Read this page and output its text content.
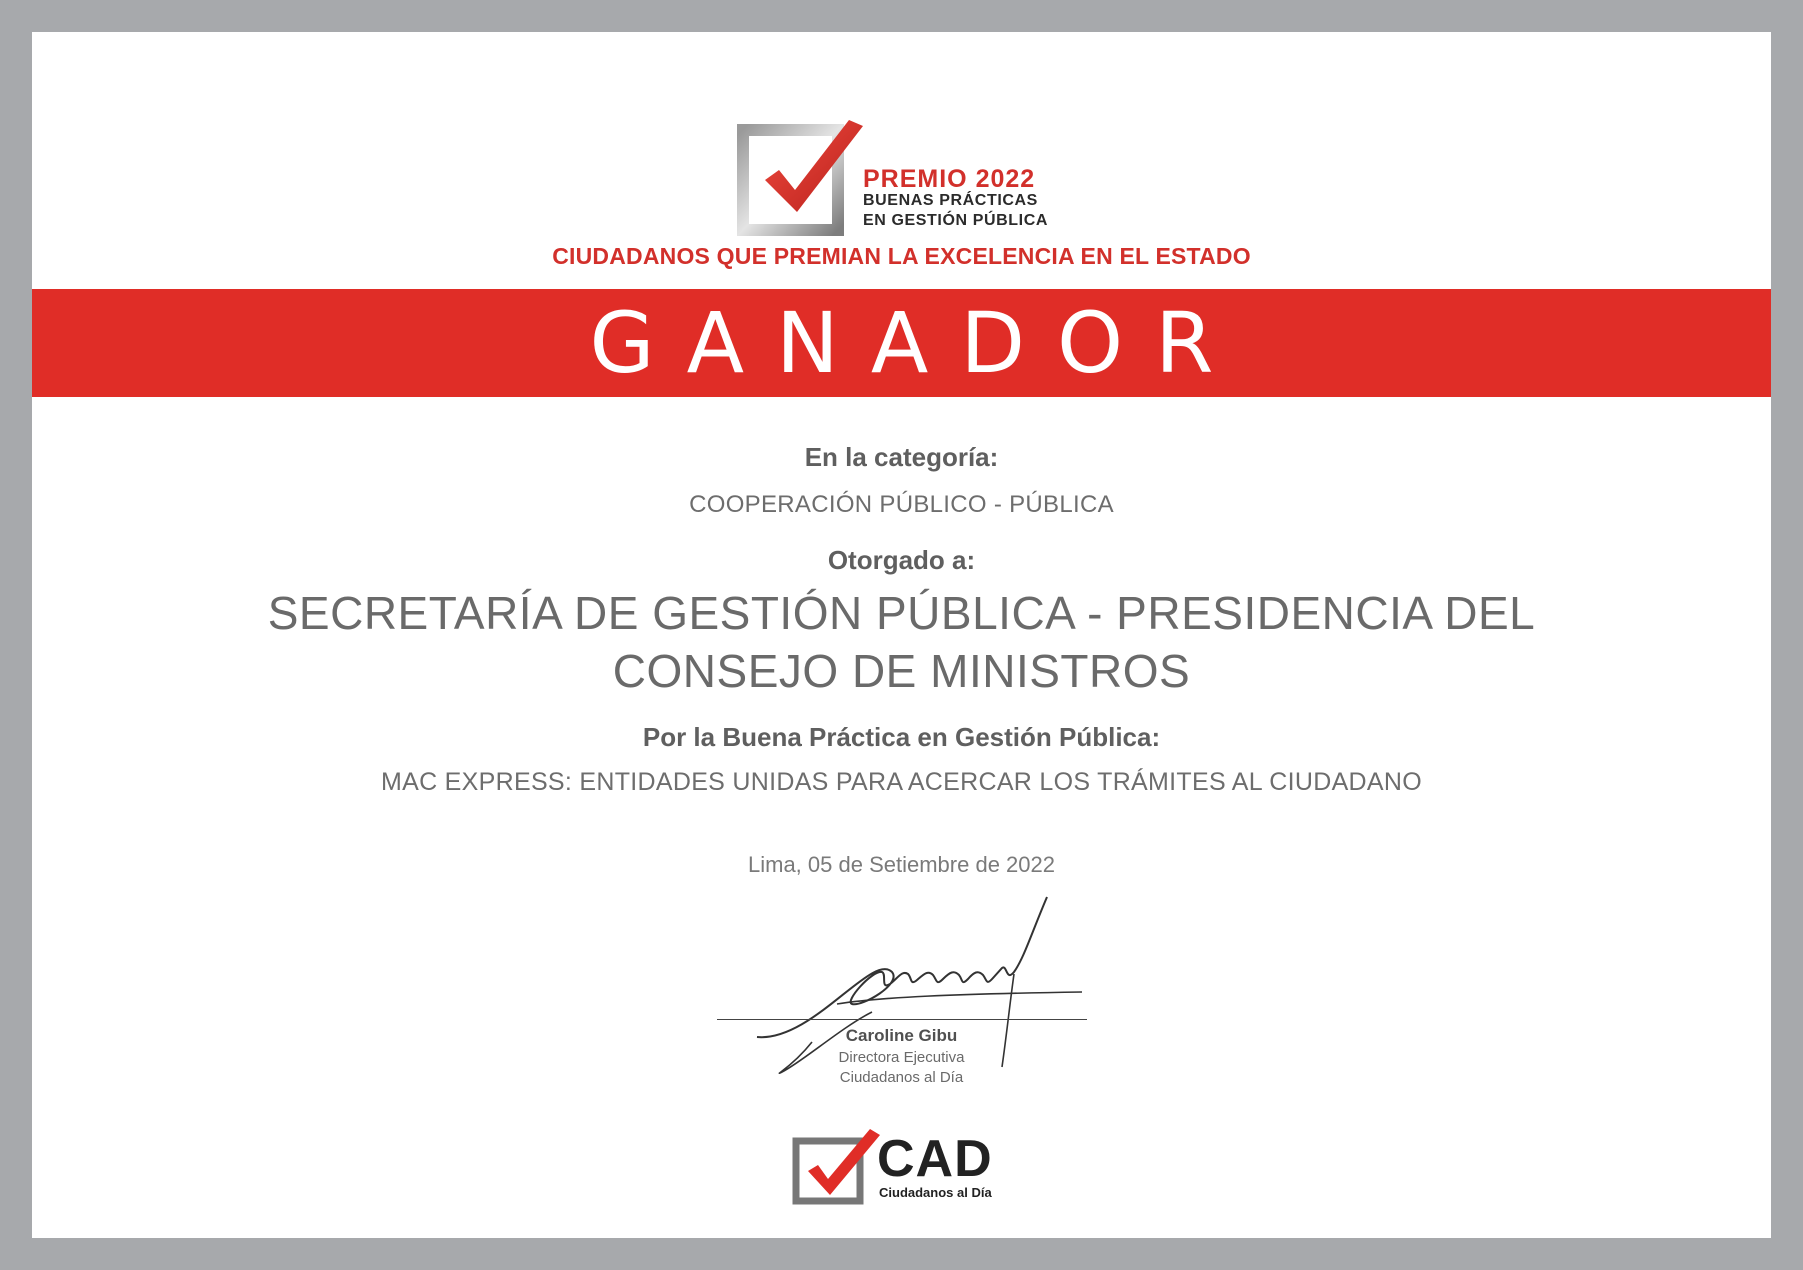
PREMIO 2022
BUENAS PRÁCTICAS
EN GESTIÓN PÚBLICA
CIUDADANOS QUE PREMIAN LA EXCELENCIA EN EL ESTADO
GANADOR
En la categoría:
COOPERACIÓN PÚBLICO - PÚBLICA
Otorgado a:
SECRETARÍA DE GESTIÓN PÚBLICA - PRESIDENCIA DEL CONSEJO DE MINISTROS
Por la Buena Práctica en Gestión Pública:
MAC EXPRESS: ENTIDADES UNIDAS PARA ACERCAR LOS TRÁMITES AL CIUDADANO
Lima, 05 de Setiembre de 2022
Caroline Gibu
Directora Ejecutiva
Ciudadanos al Día
CAD
Ciudadanos al Día
